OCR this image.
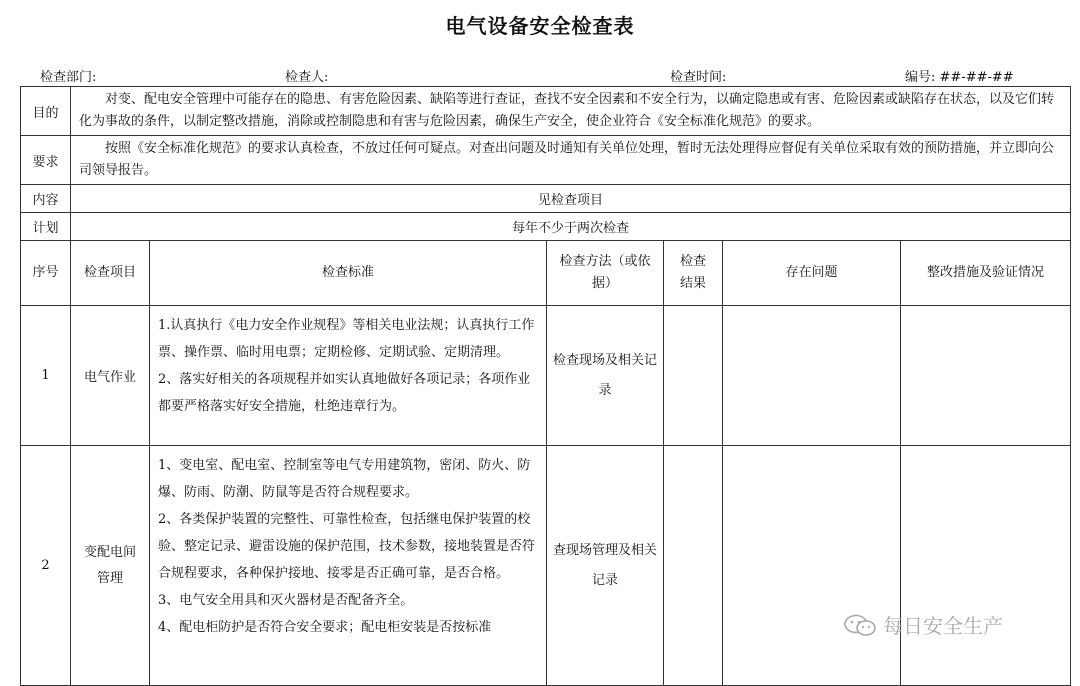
电气设备安全检查表
检查部门:	检查人:	检查时间:	编号: ##-##-##
目的	对变、配电安全管理中可能存在的隐患、有害危险因素、缺陷等进行查证，查找不安全因素和不安全行为，以确定隐患或有害、危险因素或缺陷存在状态，以及它们转化为事故的条件，以制定整改措施，消除或控制隐患和有害与危险因素，确保生产安全，使企业符合《安全标准化规范》的要求。					
要求	按照《安全标准化规范》的要求认真检查，不放过任何可疑点。对查出问题及时通知有关单位处理，暂时无法处理得应督促有关单位采取有效的预防措施，并立即向公司领导报告。					
内容	见检查项目					
计划	每年不少于两次检查					
序号	检查项目	检查标准	检查方法（或依据）	检查结果	存在问题	整改措施及验证情况
1	电气作业	1.认真执行《电力安全作业规程》等相关电业法规；认真执行工作票、操作票、临时用电票；定期检修、定期试验、定期清理。
2、落实好相关的各项规程并如实认真地做好各项记录；各项作业都要严格落实好安全措施，杜绝违章行为。	检查现场及相关记录			
2	变配电间管理	1、变电室、配电室、控制室等电气专用建筑物，密闭、防火、防爆、防雨、防潮、防鼠等是否符合规程要求。
2、各类保护装置的完整性、可靠性检查，包括继电保护装置的校验、整定记录、避雷设施的保护范围，技术参数，接地装置是否符合规程要求，各种保护接地、接零是否正确可靠，是否合格。
3、电气安全用具和灭火器材是否配备齐全。
4、配电柜防护是否符合安全要求；配电柜安装是否按标准	查现场管理及相关记录			
每日安全生产
